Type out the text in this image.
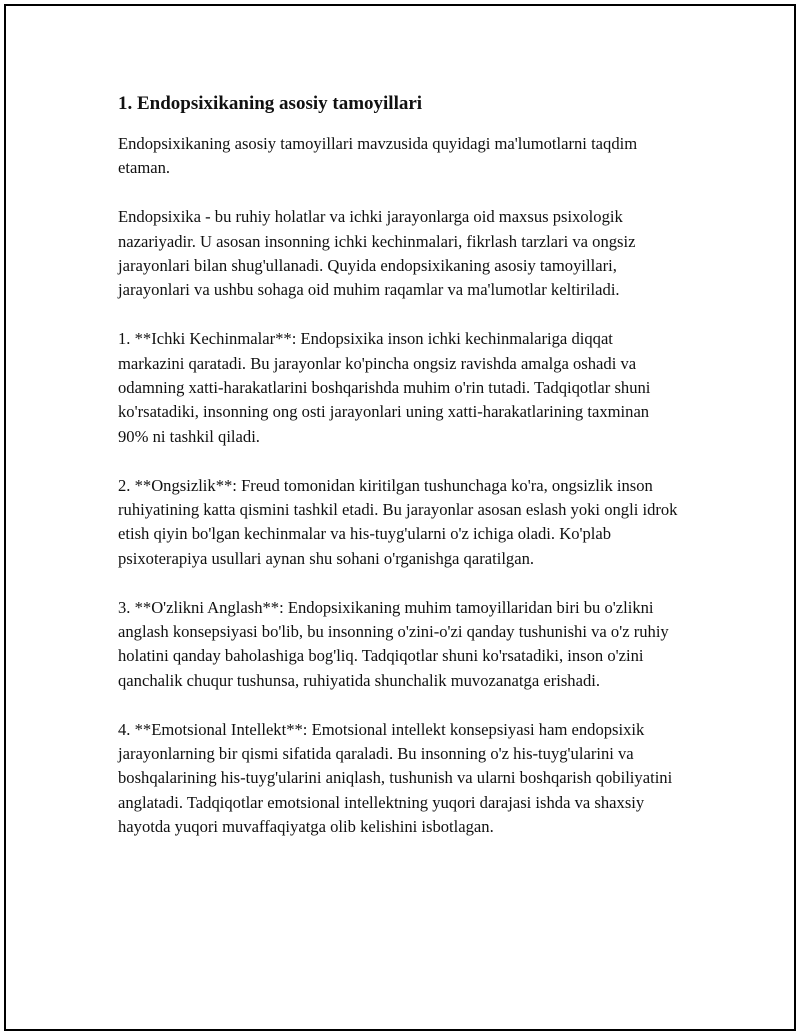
1. Endopsixikaning asosiy tamoyillari

Endopsixikaning asosiy tamoyillari mavzusida quyidagi ma'lumotlarni taqdim etaman.

Endopsixika - bu ruhiy holatlar va ichki jarayonlarga oid maxsus psixologik nazariyadir. U asosan insonning ichki kechinmalari, fikrlash tarzlari va ongsiz jarayonlari bilan shug'ullanadi. Quyida endopsixikaning asosiy tamoyillari, jarayonlari va ushbu sohaga oid muhim raqamlar va ma'lumotlar keltiriladi.

1. **Ichki Kechinmalar**: Endopsixika inson ichki kechinmalariga diqqat markazini qaratadi. Bu jarayonlar ko'pincha ongsiz ravishda amalga oshadi va odamning xatti-harakatlarini boshqarishda muhim o'rin tutadi. Tadqiqotlar shuni ko'rsatadiki, insonning ong osti jarayonlari uning xatti-harakatlarining taxminan 90% ni tashkil qiladi.

2. **Ongsizlik**: Freud tomonidan kiritilgan tushunchaga ko'ra, ongsizlik inson ruhiyatining katta qismini tashkil etadi. Bu jarayonlar asosan eslash yoki ongli idrok etish qiyin bo'lgan kechinmalar va his-tuyg'ularni o'z ichiga oladi. Ko'plab psixoterapiya usullari aynan shu sohani o'rganishga qaratilgan.

3. **O'zlikni Anglash**: Endopsixikaning muhim tamoyillaridan biri bu o'zlikni anglash konsepsiyasi bo'lib, bu insonning o'zini-o'zi qanday tushunishi va o'z ruhiy holatini qanday baholashiga bog'liq. Tadqiqotlar shuni ko'rsatadiki, inson o'zini qanchalik chuqur tushunsa, ruhiyatida shunchalik muvozanatga erishadi.

4. **Emotsional Intellekt**: Emotsional intellekt konsepsiyasi ham endopsixik jarayonlarning bir qismi sifatida qaraladi. Bu insonning o'z his-tuyg'ularini va boshqalarining his-tuyg'ularini aniqlash, tushunish va ularni boshqarish qobiliyatini anglatadi. Tadqiqotlar emotsional intellektning yuqori darajasi ishda va shaxsiy hayotda yuqori muvaffaqiyatga olib kelishini isbotlagan.
